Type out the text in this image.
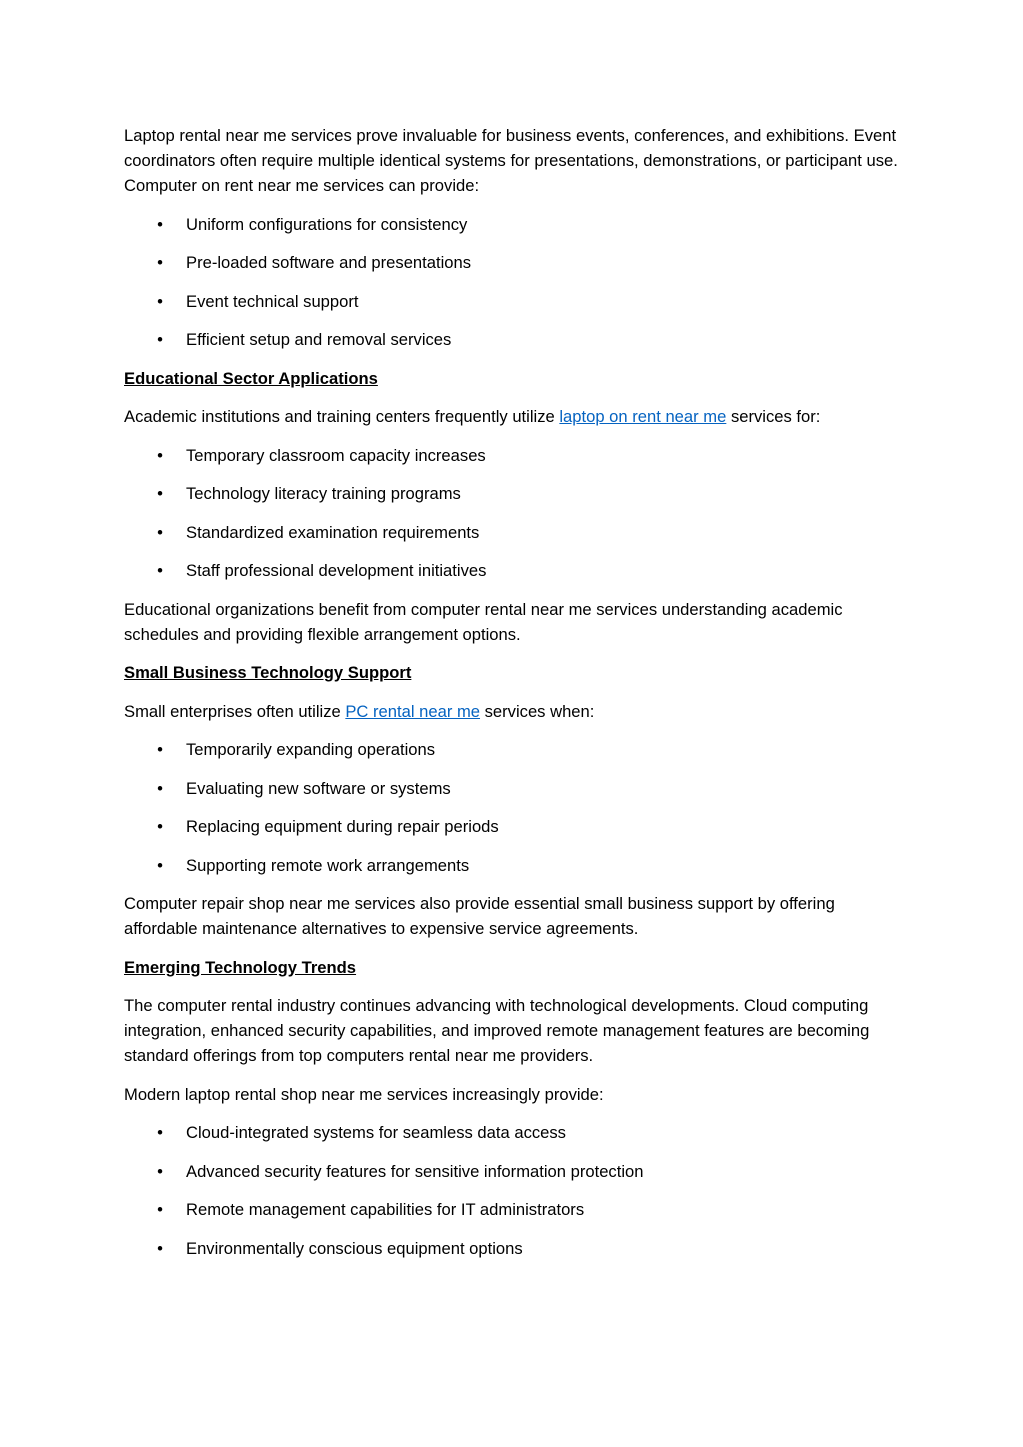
Laptop rental near me services prove invaluable for business events, conferences, and exhibitions. Event coordinators often require multiple identical systems for presentations, demonstrations, or participant use. Computer on rent near me services can provide:

• Uniform configurations for consistency
• Pre-loaded software and presentations
• Event technical support
• Efficient setup and removal services
Educational Sector Applications

Academic institutions and training centers frequently utilize laptop on rent near me services for:

• Temporary classroom capacity increases
• Technology literacy training programs
• Standardized examination requirements
• Staff professional development initiatives

Educational organizations benefit from computer rental near me services understanding academic schedules and providing flexible arrangement options.

Small Business Technology Support

Small enterprises often utilize PC rental near me services when:

• Temporarily expanding operations
• Evaluating new software or systems
• Replacing equipment during repair periods
• Supporting remote work arrangements

Computer repair shop near me services also provide essential small business support by offering affordable maintenance alternatives to expensive service agreements.

Emerging Technology Trends

The computer rental industry continues advancing with technological developments. Cloud computing integration, enhanced security capabilities, and improved remote management features are becoming standard offerings from top computers rental near me providers.

Modern laptop rental shop near me services increasingly provide:

• Cloud-integrated systems for seamless data access
• Advanced security features for sensitive information protection
• Remote management capabilities for IT administrators
• Environmentally conscious equipment options
